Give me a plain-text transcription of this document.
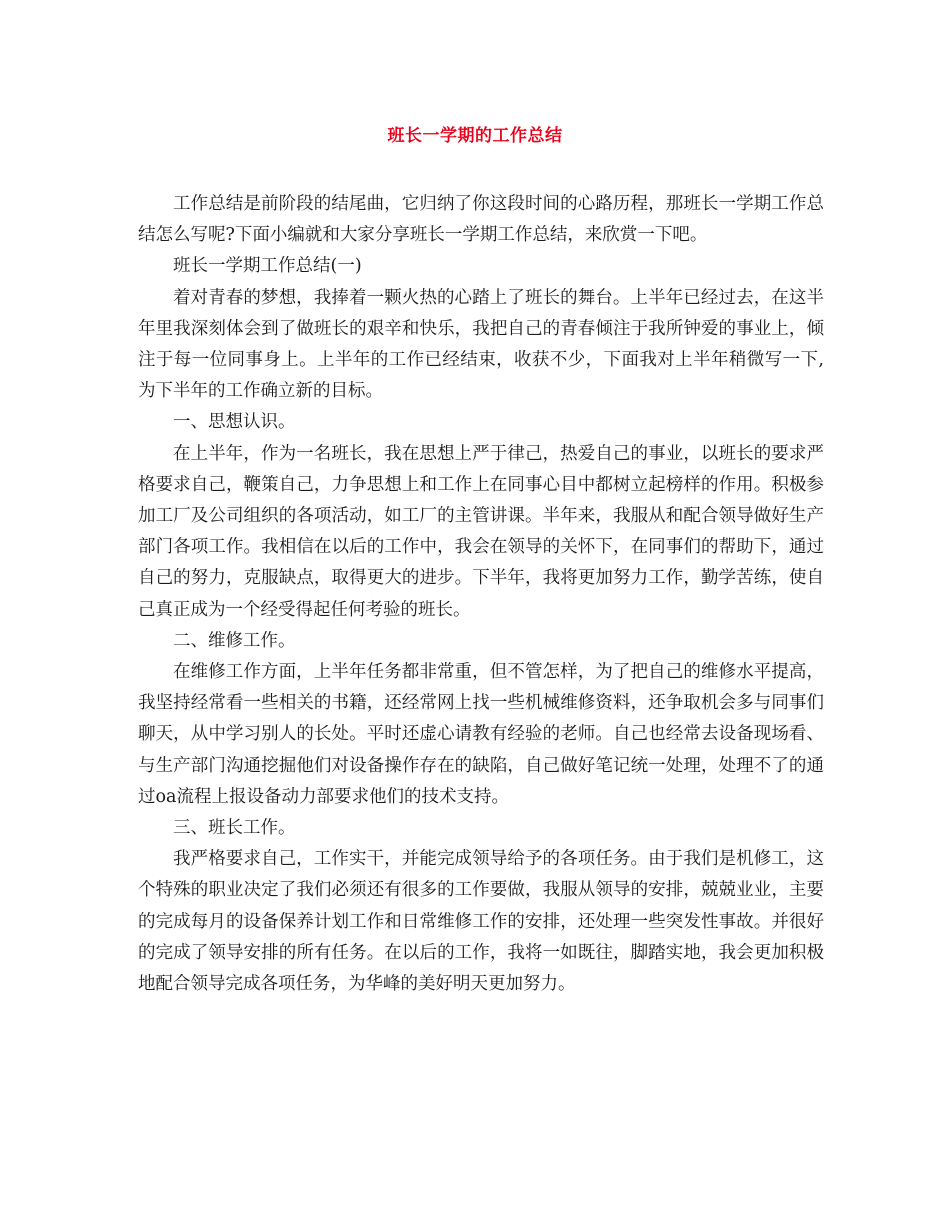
班长一学期的工作总结

工作总结是前阶段的结尾曲，它归纳了你这段时间的心路历程，那班长一学期工作总结怎么写呢?下面小编就和大家分享班长一学期工作总结，来欣赏一下吧。

班长一学期工作总结(一)

着对青春的梦想，我捧着一颗火热的心踏上了班长的舞台。上半年已经过去，在这半年里我深刻体会到了做班长的艰辛和快乐，我把自己的青春倾注于我所钟爱的事业上，倾注于每一位同事身上。上半年的工作已经结束，收获不少，下面我对上半年稍微写一下,为下半年的工作确立新的目标。

一、思想认识。

在上半年，作为一名班长，我在思想上严于律己，热爱自己的事业，以班长的要求严格要求自己，鞭策自己，力争思想上和工作上在同事心目中都树立起榜样的作用。积极参加工厂及公司组织的各项活动，如工厂的主管讲课。半年来，我服从和配合领导做好生产部门各项工作。我相信在以后的工作中，我会在领导的关怀下，在同事们的帮助下，通过自己的努力，克服缺点，取得更大的进步。下半年，我将更加努力工作，勤学苦练，使自己真正成为一个经受得起任何考验的班长。

二、维修工作。

在维修工作方面，上半年任务都非常重，但不管怎样，为了把自己的维修水平提高，我坚持经常看一些相关的书籍，还经常网上找一些机械维修资料，还争取机会多与同事们聊天，从中学习别人的长处。平时还虚心请教有经验的老师。自己也经常去设备现场看、与生产部门沟通挖掘他们对设备操作存在的缺陷，自己做好笔记统一处理，处理不了的通过oa流程上报设备动力部要求他们的技术支持。

三、班长工作。

我严格要求自己，工作实干，并能完成领导给予的各项任务。由于我们是机修工，这个特殊的职业决定了我们必须还有很多的工作要做，我服从领导的安排，兢兢业业，主要的完成每月的设备保养计划工作和日常维修工作的安排，还处理一些突发性事故。并很好的完成了领导安排的所有任务。在以后的工作，我将一如既往，脚踏实地，我会更加积极地配合领导完成各项任务，为华峰的美好明天更加努力。
